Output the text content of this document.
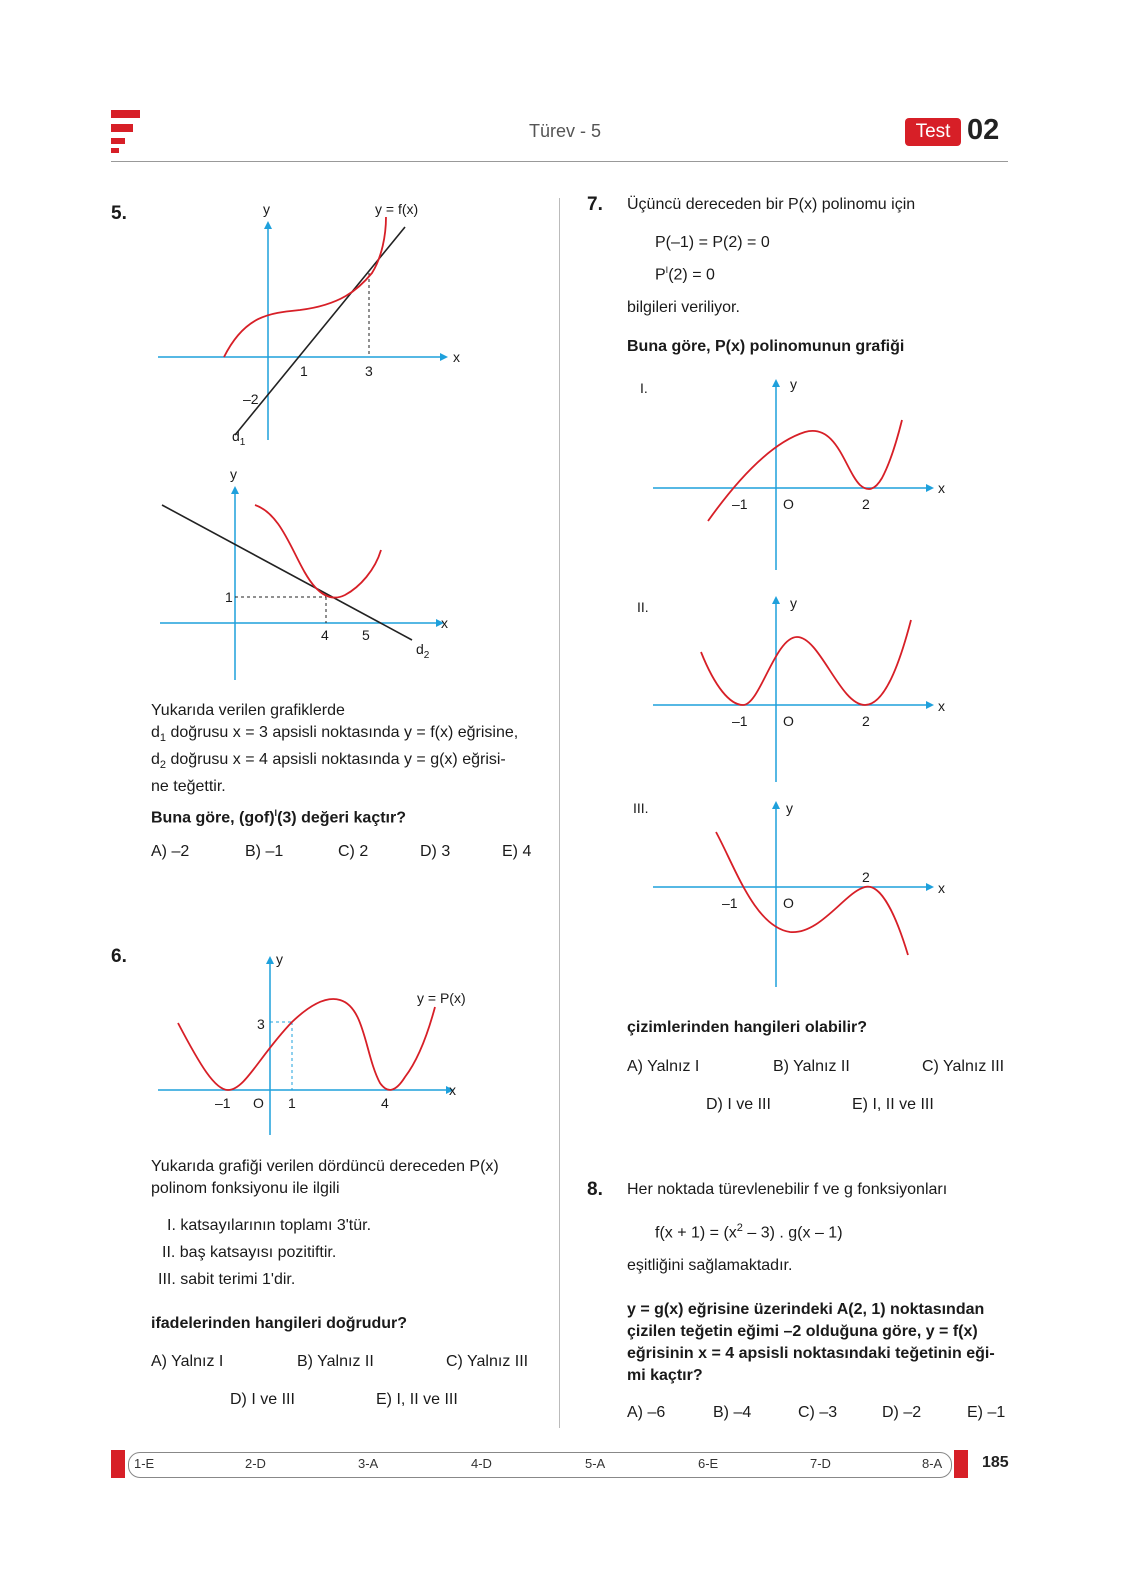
Türev - 5	Test 02
5.	y	y = f(x)
x
1	3
–2
$d_1$
y
x
1
4 5
$d_2$
Yukarıda verilen grafiklerde
$d_1$ doğrusu x = 3 apsisli noktasında y = f(x) eğrisine,
$d_2$ doğrusu x = 4 apsisli noktasında y = g(x) eğrisi-
ne teğettir.
Buna göre, (gof)$^I$(3) değeri kaçtır?
A) –2	B) –1	C) 2	D) 3	E) 4
6.	y
y = P(x)
3
x
–1 O 1	4
Yukarıda grafiği verilen dördüncü dereceden P(x)
polinom fonksiyonu ile ilgili
I. katsayılarının toplamı 3'tür.
II. baş katsayısı pozitiftir.
III. sabit terimi 1'dir.
ifadelerinden hangileri doğrudur?
A) Yalnız I	B) Yalnız II	C) Yalnız III
D) I ve III	E) I, II ve III
7. Üçüncü dereceden bir P(x) polinomu için
P(–1) = P(2) = 0
$P^I(2) = 0$
bilgileri veriliyor.
Buna göre, P(x) polinomunun grafiği
I.	y
x
–1	O	2
II.	y
x
–1	O	2
III.	y
2
x
–1	O
çizimlerinden hangileri olabilir?
A) Yalnız I	B) Yalnız II	C) Yalnız III
D) I ve III	E) I, II ve III
8. Her noktada türevlenebilir f ve g fonksiyonları
$f(x + 1) = (x^2 - 3)$ . g(x – 1)
eşitliğini sağlamaktadır.
y = g(x) eğrisine üzerindeki A(2, 1) noktasından
çizilen teğetin eğimi –2 olduğuna göre, y = f(x)
eğrisinin x = 4 apsisli noktasındaki teğetinin eği-
mi kaçtır?
A) –6	B) –4	C) –3	D) –2	E) –1
1-E	2-D	3-A	4-D	5-A	6-E	7-D	8-A 185
